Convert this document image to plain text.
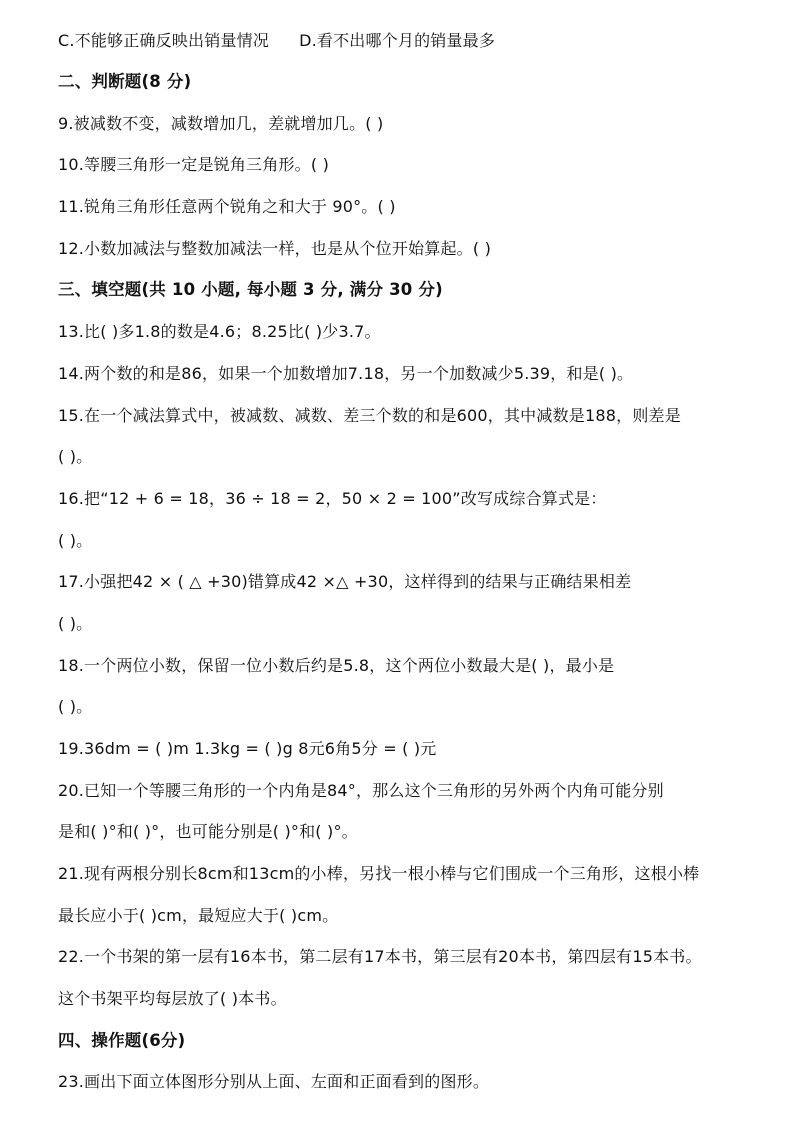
C.不能够正确反映出销量情况 D.看不出哪个月的销量最多
二、判断题(8 分)
9.被减数不变，减数增加几，差就增加几。( )
10.等腰三角形一定是锐角三角形。( )
11.锐角三角形任意两个锐角之和大于 90°。( )
12.小数加减法与整数加减法一样，也是从个位开始算起。( )
三、填空题(共 10 小题, 每小题 3 分, 满分 30 分)
13.比( )多1.8的数是4.6；8.25比( )少3.7。
14.两个数的和是86，如果一个加数增加7.18，另一个加数减少5.39，和是( )。
15.在一个减法算式中，被减数、减数、差三个数的和是600，其中减数是188，则差是
( )。
16.把“12 + 6 = 18，36 ÷ 18 = 2，50 × 2 = 100”改写成综合算式是：
( )。
17.小强把42 × ( △ +30)错算成42 ×△ +30，这样得到的结果与正确结果相差
( )。
18.一个两位小数，保留一位小数后约是5.8，这个两位小数最大是( )，最小是
( )。
19.36dm = ( )m 1.3kg = ( )g 8元6角5分 = ( )元
20.已知一个等腰三角形的一个内角是84°，那么这个三角形的另外两个内角可能分别
是和( )°和( )°，也可能分别是( )°和( )°。
21.现有两根分别长8cm和13cm的小棒，另找一根小棒与它们围成一个三角形，这根小棒
最长应小于( )cm，最短应大于( )cm。
22.一个书架的第一层有16本书，第二层有17本书，第三层有20本书，第四层有15本书。
这个书架平均每层放了( )本书。
四、操作题(6分)
23.画出下面立体图形分别从上面、左面和正面看到的图形。
